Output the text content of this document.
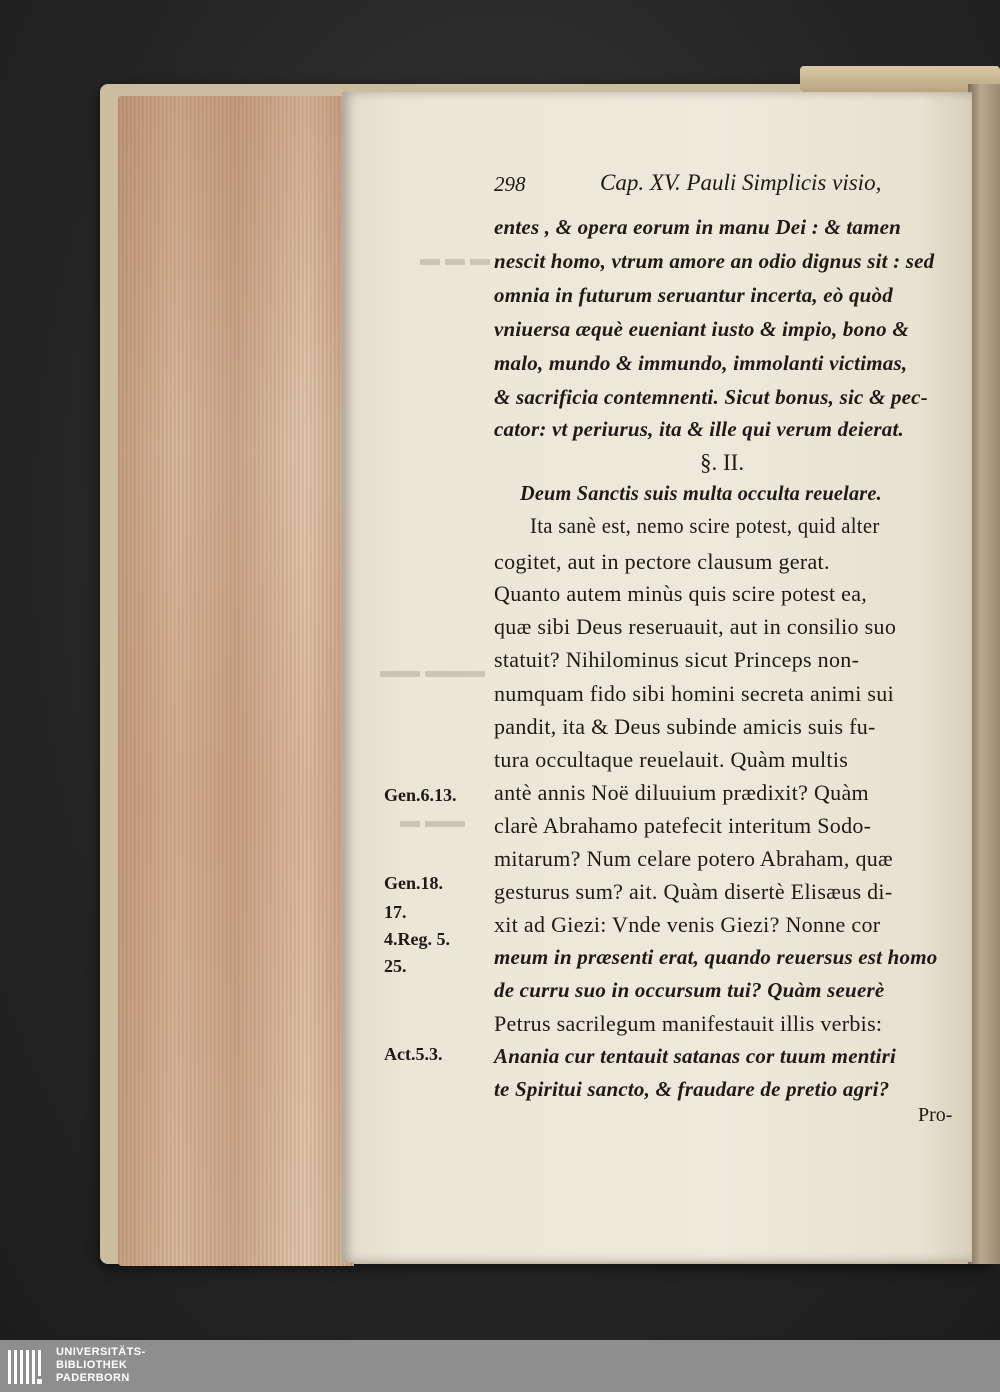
▬ ▬ ▬
▬▬▬ ▬▬
▬▬ ▬
298	Cap. XV. Pauli Simplicis visio,
entes , & opera eorum in manu Dei : & tamen
nescit homo, vtrum amore an odio dignus sit : sed
omnia in futurum seruantur incerta, eò quòd
vniuersa æquè eueniant iusto & impio, bono &
malo, mundo & immundo, immolanti victimas,
& sacrificia contemnenti. Sicut bonus, sic & pec-
cator: vt periurus, ita & ille qui verum deierat.
§. II.
Deum Sanctis suis multa occulta reuelare.
Ita sanè est, nemo scire potest, quid alter
cogitet, aut in pectore clausum gerat.
Quanto autem minùs quis scire potest ea,
quæ sibi Deus reseruauit, aut in consilio suo
statuit? Nihilominus sicut Princeps non-
numquam fido sibi homini secreta animi sui
pandit, ita & Deus subinde amicis suis fu-
tura occultaque reuelauit. Quàm multis
antè annis Noë diluuium prædixit? Quàm
clarè Abrahamo patefecit interitum Sodo-
mitarum? Num celare potero Abraham, quæ
gesturus sum? ait. Quàm disertè Elisæus di-
xit ad Giezi: Vnde venis Giezi? Nonne cor
meum in præsenti erat, quando reuersus est homo
de curru suo in occursum tui? Quàm seuerè
Petrus sacrilegum manifestauit illis verbis:
Anania cur tentauit satanas cor tuum mentiri
te Spiritui sancto, & fraudare de pretio agri?
Pro-
Gen.6.13.
Gen.18.
17.
4.Reg. 5.
25.
Act.5.3.
UNIVERSITÄTS-
BIBLIOTHEK
PADERBORN
